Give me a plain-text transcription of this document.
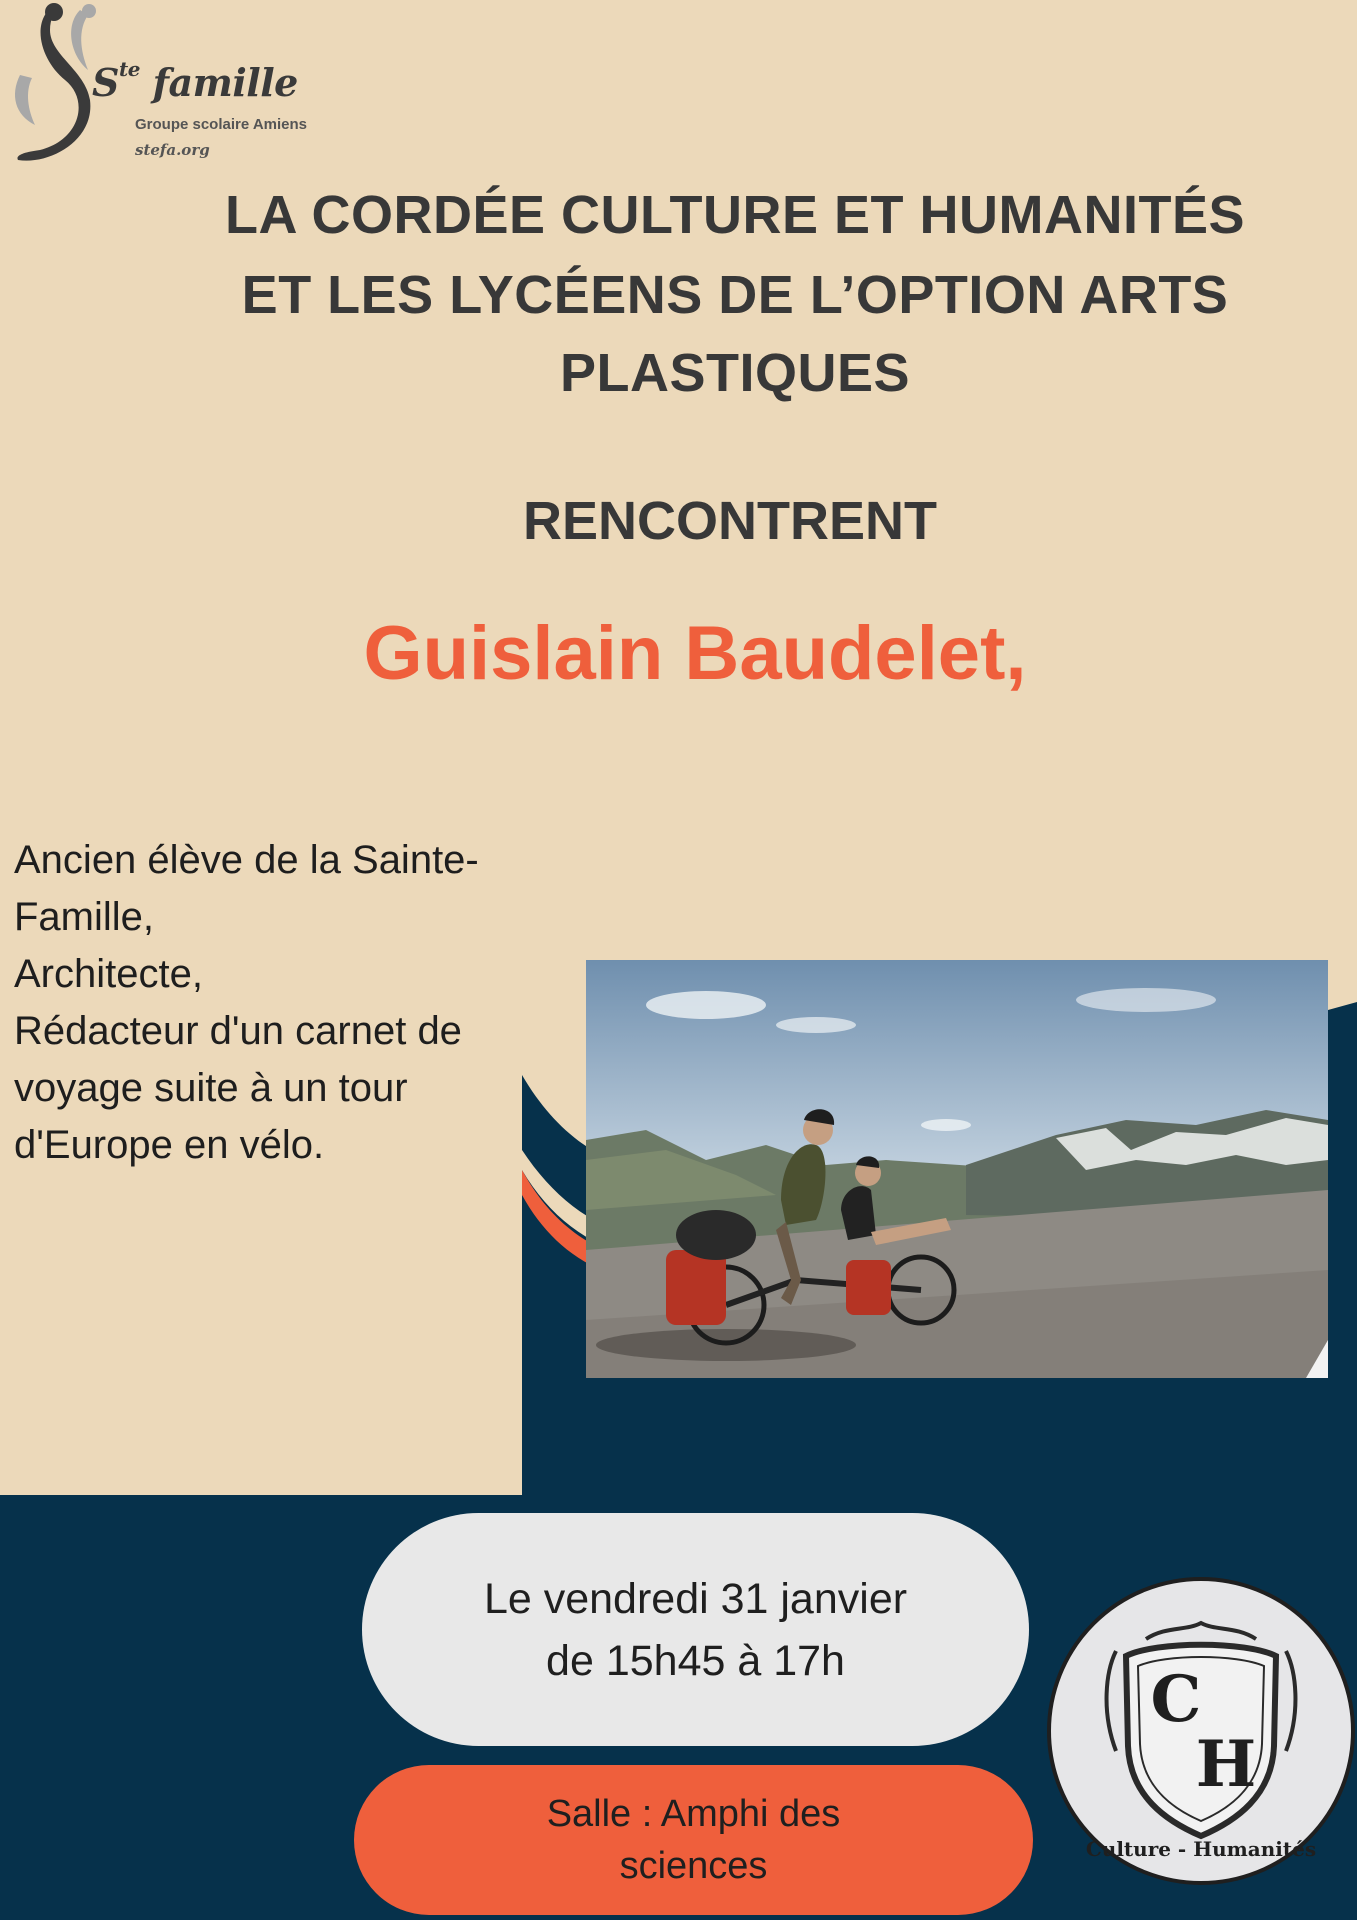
$S^{te}$ famille
Groupe scolaire Amiens
stefa.org
LA CORDÉE CULTURE ET HUMANITÉS
ET LES LYCÉENS DE L’OPTION ARTS
PLASTIQUES
RENCONTRENT
Guislain Baudelet,
Ancien élève de la Sainte-
Famille,
Architecte,
Rédacteur d'un carnet de
voyage suite à un tour
d'Europe en vélo.
Le vendredi 31 janvier
de 15h45 à 17h
Salle : Amphi des
sciences
C
H
Culture - Humanités
